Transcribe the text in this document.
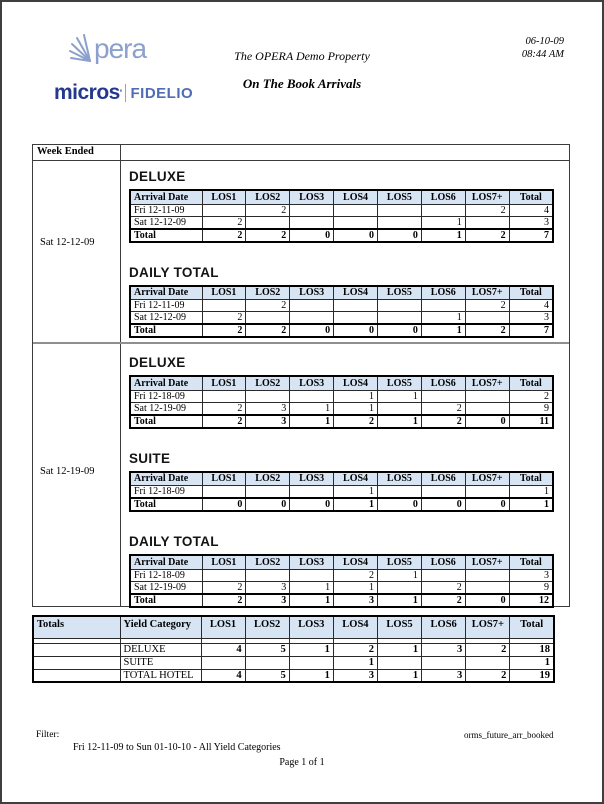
pera
micros' FIDELIO
06-10-09
08:44 AM
The OPERA Demo Property
On The Book Arrivals
Week Ended
Sat 12-12-09
DELUXE
Arrival Date	LOS1	LOS2	LOS3	LOS4	LOS5	LOS6	LOS7+	Total
Fri 12-11-09		2					2	4
Sat 12-12-09	2					1		3
Total	2	2	0	0	0	1	2	7
DAILY TOTAL
Arrival Date	LOS1	LOS2	LOS3	LOS4	LOS5	LOS6	LOS7+	Total
Fri 12-11-09		2					2	4
Sat 12-12-09	2					1		3
Total	2	2	0	0	0	1	2	7
Sat 12-19-09
DELUXE
Arrival Date	LOS1	LOS2	LOS3	LOS4	LOS5	LOS6	LOS7+	Total
Fri 12-18-09				1	1			2
Sat 12-19-09	2	3	1	1		2		9
Total	2	3	1	2	1	2	0	11
SUITE
Arrival Date	LOS1	LOS2	LOS3	LOS4	LOS5	LOS6	LOS7+	Total
Fri 12-18-09				1				1
Total	0	0	0	1	0	0	0	1
DAILY TOTAL
Arrival Date	LOS1	LOS2	LOS3	LOS4	LOS5	LOS6	LOS7+	Total
Fri 12-18-09				2	1			3
Sat 12-19-09	2	3	1	1		2		9
Total	2	3	1	3	1	2	0	12
Totals	Yield Category	LOS1	LOS2	LOS3	LOS4	LOS5	LOS6	LOS7+	Total

	DELUXE	4	5	1	2	1	3	2	18
	SUITE				1				1
	TOTAL HOTEL	4	5	1	3	1	3	2	19
Filter:	orms_future_arr_booked
Fri 12-11-09 to Sun 01-10-10 - All Yield Categories
Page 1 of 1
